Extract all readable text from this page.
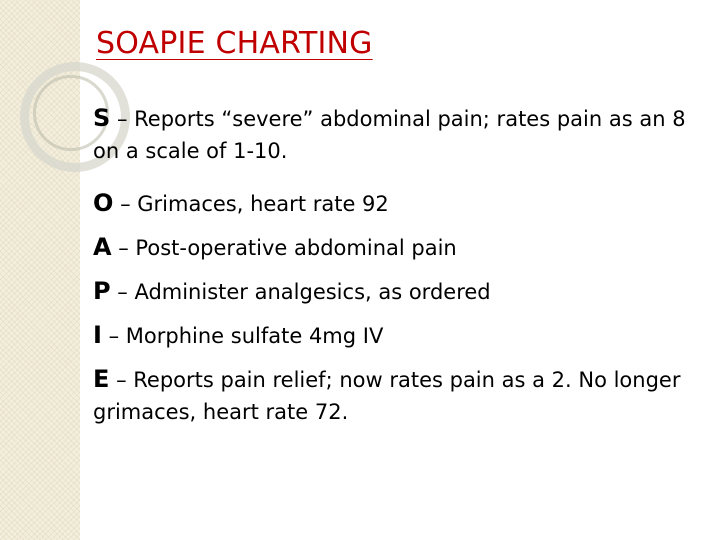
SOAPIE CHARTING

S – Reports “severe” abdominal pain; rates pain as an 8 on a scale of 1-10.

O – Grimaces, heart rate 92

A – Post-operative abdominal pain

P – Administer analgesics, as ordered

I – Morphine sulfate 4mg IV

E – Reports pain relief; now rates pain as a 2. No longer grimaces, heart rate 72.
